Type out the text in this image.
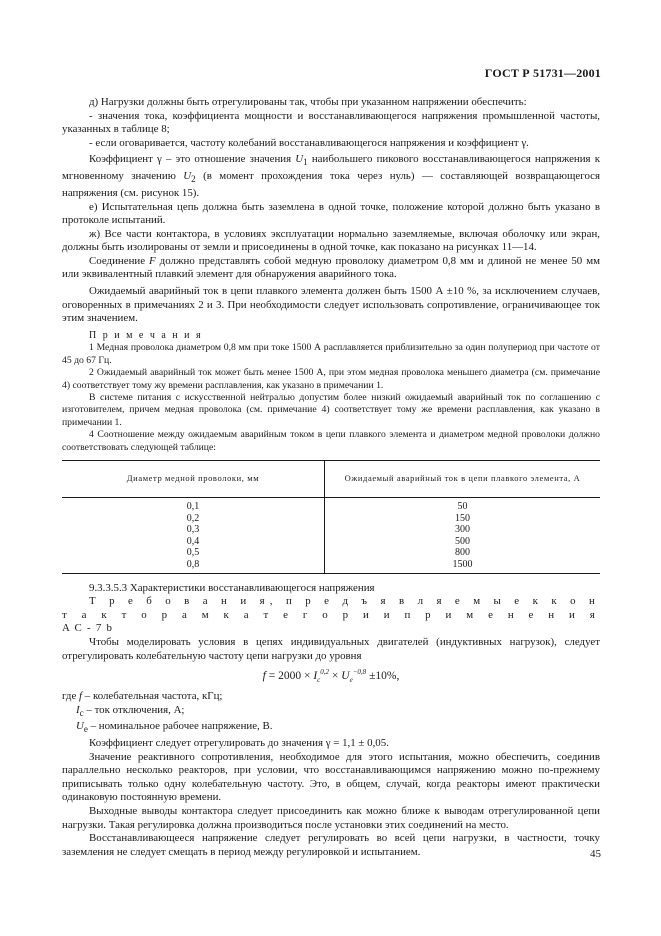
ГОСТ Р 51731—2001

д) Нагрузки должны быть отрегулированы так, чтобы при указанном напряжении обеспечить:

- значения тока, коэффициента мощности и восстанавливающегося напряжения промышленной частоты, указанных в таблице 8;

- если оговаривается, частоту колебаний восстанавливающегося напряжения и коэффициент γ.

Коэффициент γ – это отношение значения $U_1$ наибольшего пикового восстанавливающегося напряжения к мгновенному значению $U_2$ (в момент прохождения тока через нуль) — составляющей возвращающегося напряжения (см. рисунок 15).

е) Испытательная цепь должна быть заземлена в одной точке, положение которой должно быть указано в протоколе испытаний.

ж) Все части контактора, в условиях эксплуатации нормально заземляемые, включая оболочку или экран, должны быть изолированы от земли и присоединены в одной точке, как показано на рисунках 11—14.

Соединение F должно представлять собой медную проволоку диаметром 0,8 мм и длиной не менее 50 мм или эквивалентный плавкий элемент для обнаружения аварийного тока.

Ожидаемый аварийный ток в цепи плавкого элемента должен быть 1500 А ±10 %, за исключением случаев, оговоренных в примечаниях 2 и 3. При необходимости следует использовать сопротивление, ограничивающее ток этим значением.

П р и м е ч а н и я

1 Медная проволока диаметром 0,8 мм при токе 1500 А расплавляется приблизительно за один полупериод при частоте от 45 до 67 Гц.

2 Ожидаемый аварийный ток может быть менее 1500 А, при этом медная проволока меньшего диаметра (см. примечание 4) соответствует тому жу времени расплавления, как указано в примечании 1.

В системе питания с искусственной нейтралью допустим более низкий ожидаемый аварийный ток по соглашению с изготовителем, причем медная проволока (см. примечание 4) соответствует тому же времени расплавления, как указано в примечании 1.

4 Соотношение между ожидаемым аварийным током в цепи плавкого элемента и диаметром медной проволоки должно соответствовать следующей таблице:

Диаметр медной проволоки, мм	Ожидаемый аварийный ток в цепи плавкого элемента, А
0,1	50
0,2	150
0,3	300
0,4	500
0,5	800
0,8	1500

9.3.3.5.3 Характеристики восстанавливающегося напряжения

Т р е б о в а н и я, п р е д ъ я в л я е м ы е к к о н т а к т о р а м к а т е г о р и и п р и м е н е н и я АС-7b

Чтобы моделировать условия в цепях индивидуальных двигателей (индуктивных нагрузок), следует отрегулировать колебательную частоту цепи нагрузки до уровня

$f = 2000 \times I_c^{0,2} \times U_e^{-0,8} \pm 10\%$,

где f – колебательная частота, кГц;

$I_c$ – ток отключения, А;

$U_e$ – номинальное рабочее напряжение, В.

Коэффициент следует отрегулировать до значения γ = 1,1 ± 0,05.

Значение реактивного сопротивления, необходимое для этого испытания, можно обеспечить, соединив параллельно несколько реакторов, при условии, что восстанавливающимся напряжению можно по-прежнему приписывать только одну колебательную частоту. Это, в общем, случай, когда реакторы имеют практически одинаковую постоянную времени.

Выходные выводы контактора следует присоединить как можно ближе к выводам отрегулированной цепи нагрузки. Такая регулировка должна производиться после установки этих соединений на место.

Восстанавливающееся напряжение следует регулировать во всей цепи нагрузки, в частности, точку заземления не следует смещать в период между регулировкой и испытанием.	45
